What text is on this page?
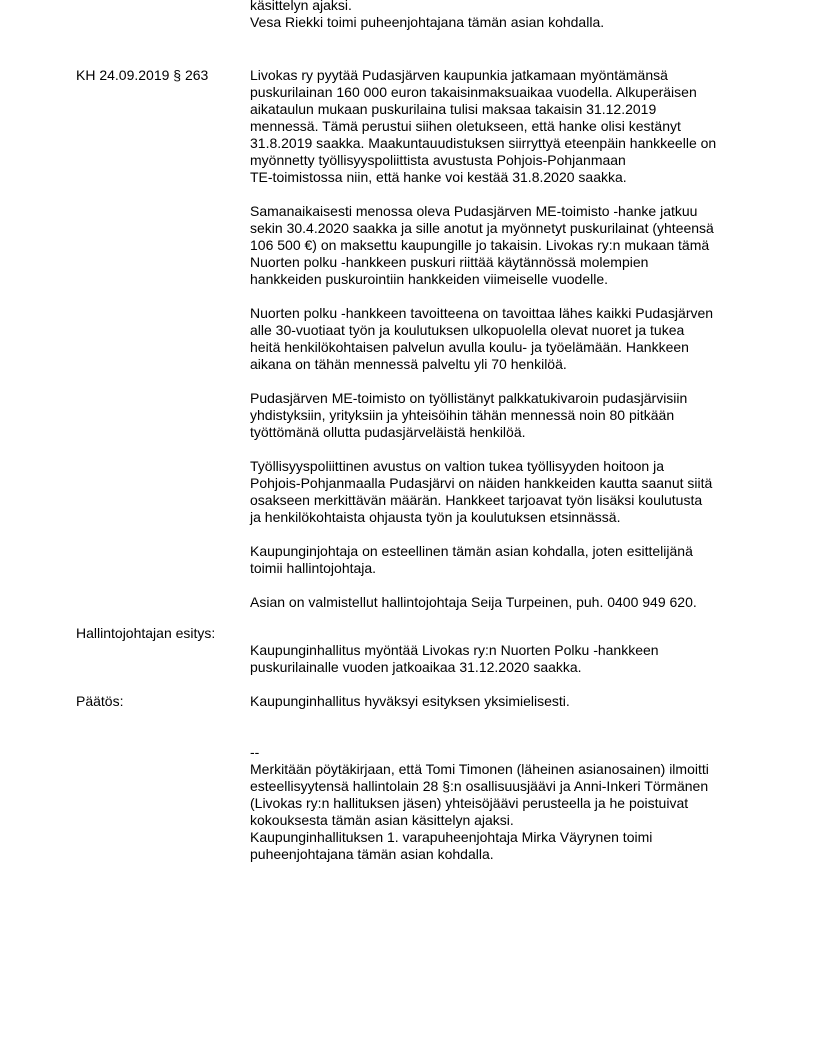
käsittelyn ajaksi.
Vesa Riekki toimi puheenjohtajana tämän asian kohdalla.
KH 24.09.2019 § 263	Livokas ry pyytää Pudasjärven kaupunkia jatkamaan myöntämänsä
puskurilainan 160 000 euron takaisinmaksuaikaa vuodella. Alkuperäisen
aikataulun mukaan puskurilaina tulisi maksaa takaisin 31.12.2019
mennessä. Tämä perustui siihen oletukseen, että hanke olisi kestänyt
31.8.2019 saakka. Maakuntauudistuksen siirryttyä eteenpäin hankkeelle on
myönnetty työllisyyspoliittista avustusta Pohjois-Pohjanmaan
TE-toimistossa niin, että hanke voi kestää 31.8.2020 saakka.
Samanaikaisesti menossa oleva Pudasjärven ME-toimisto -hanke jatkuu
sekin 30.4.2020 saakka ja sille anotut ja myönnetyt puskurilainat (yhteensä
106 500 €) on maksettu kaupungille jo takaisin. Livokas ry:n mukaan tämä
Nuorten polku -hankkeen puskuri riittää käytännössä molempien
hankkeiden puskurointiin hankkeiden viimeiselle vuodelle.
Nuorten polku -hankkeen tavoitteena on tavoittaa lähes kaikki Pudasjärven
alle 30-vuotiaat työn ja koulutuksen ulkopuolella olevat nuoret ja tukea
heitä henkilökohtaisen palvelun avulla koulu- ja työelämään. Hankkeen
aikana on tähän mennessä palveltu yli 70 henkilöä.
Pudasjärven ME-toimisto on työllistänyt palkkatukivaroin pudasjärvisiin
yhdistyksiin, yrityksiin ja yhteisöihin tähän mennessä noin 80 pitkään
työttömänä ollutta pudasjärveläistä henkilöä.
Työllisyyspoliittinen avustus on valtion tukea työllisyyden hoitoon ja
Pohjois-Pohjanmaalla Pudasjärvi on näiden hankkeiden kautta saanut siitä
osakseen merkittävän määrän. Hankkeet tarjoavat työn lisäksi koulutusta
ja henkilökohtaista ohjausta työn ja koulutuksen etsinnässä.
Kaupunginjohtaja on esteellinen tämän asian kohdalla, joten esittelijänä
toimii hallintojohtaja.
Asian on valmistellut hallintojohtaja Seija Turpeinen, puh. 0400 949 620.
Hallintojohtajan esitys:
Kaupunginhallitus myöntää Livokas ry:n Nuorten Polku -hankkeen
puskurilainalle vuoden jatkoaikaa 31.12.2020 saakka.
Päätös:	Kaupunginhallitus hyväksyi esityksen yksimielisesti.
--
Merkitään pöytäkirjaan, että Tomi Timonen (läheinen asianosainen) ilmoitti
esteellisyytensä hallintolain 28 §:n osallisuusjäävi ja Anni-Inkeri Törmänen
(Livokas ry:n hallituksen jäsen) yhteisöjäävi perusteella ja he poistuivat
kokouksesta tämän asian käsittelyn ajaksi.
Kaupunginhallituksen 1. varapuheenjohtaja Mirka Väyrynen toimi
puheenjohtajana tämän asian kohdalla.
